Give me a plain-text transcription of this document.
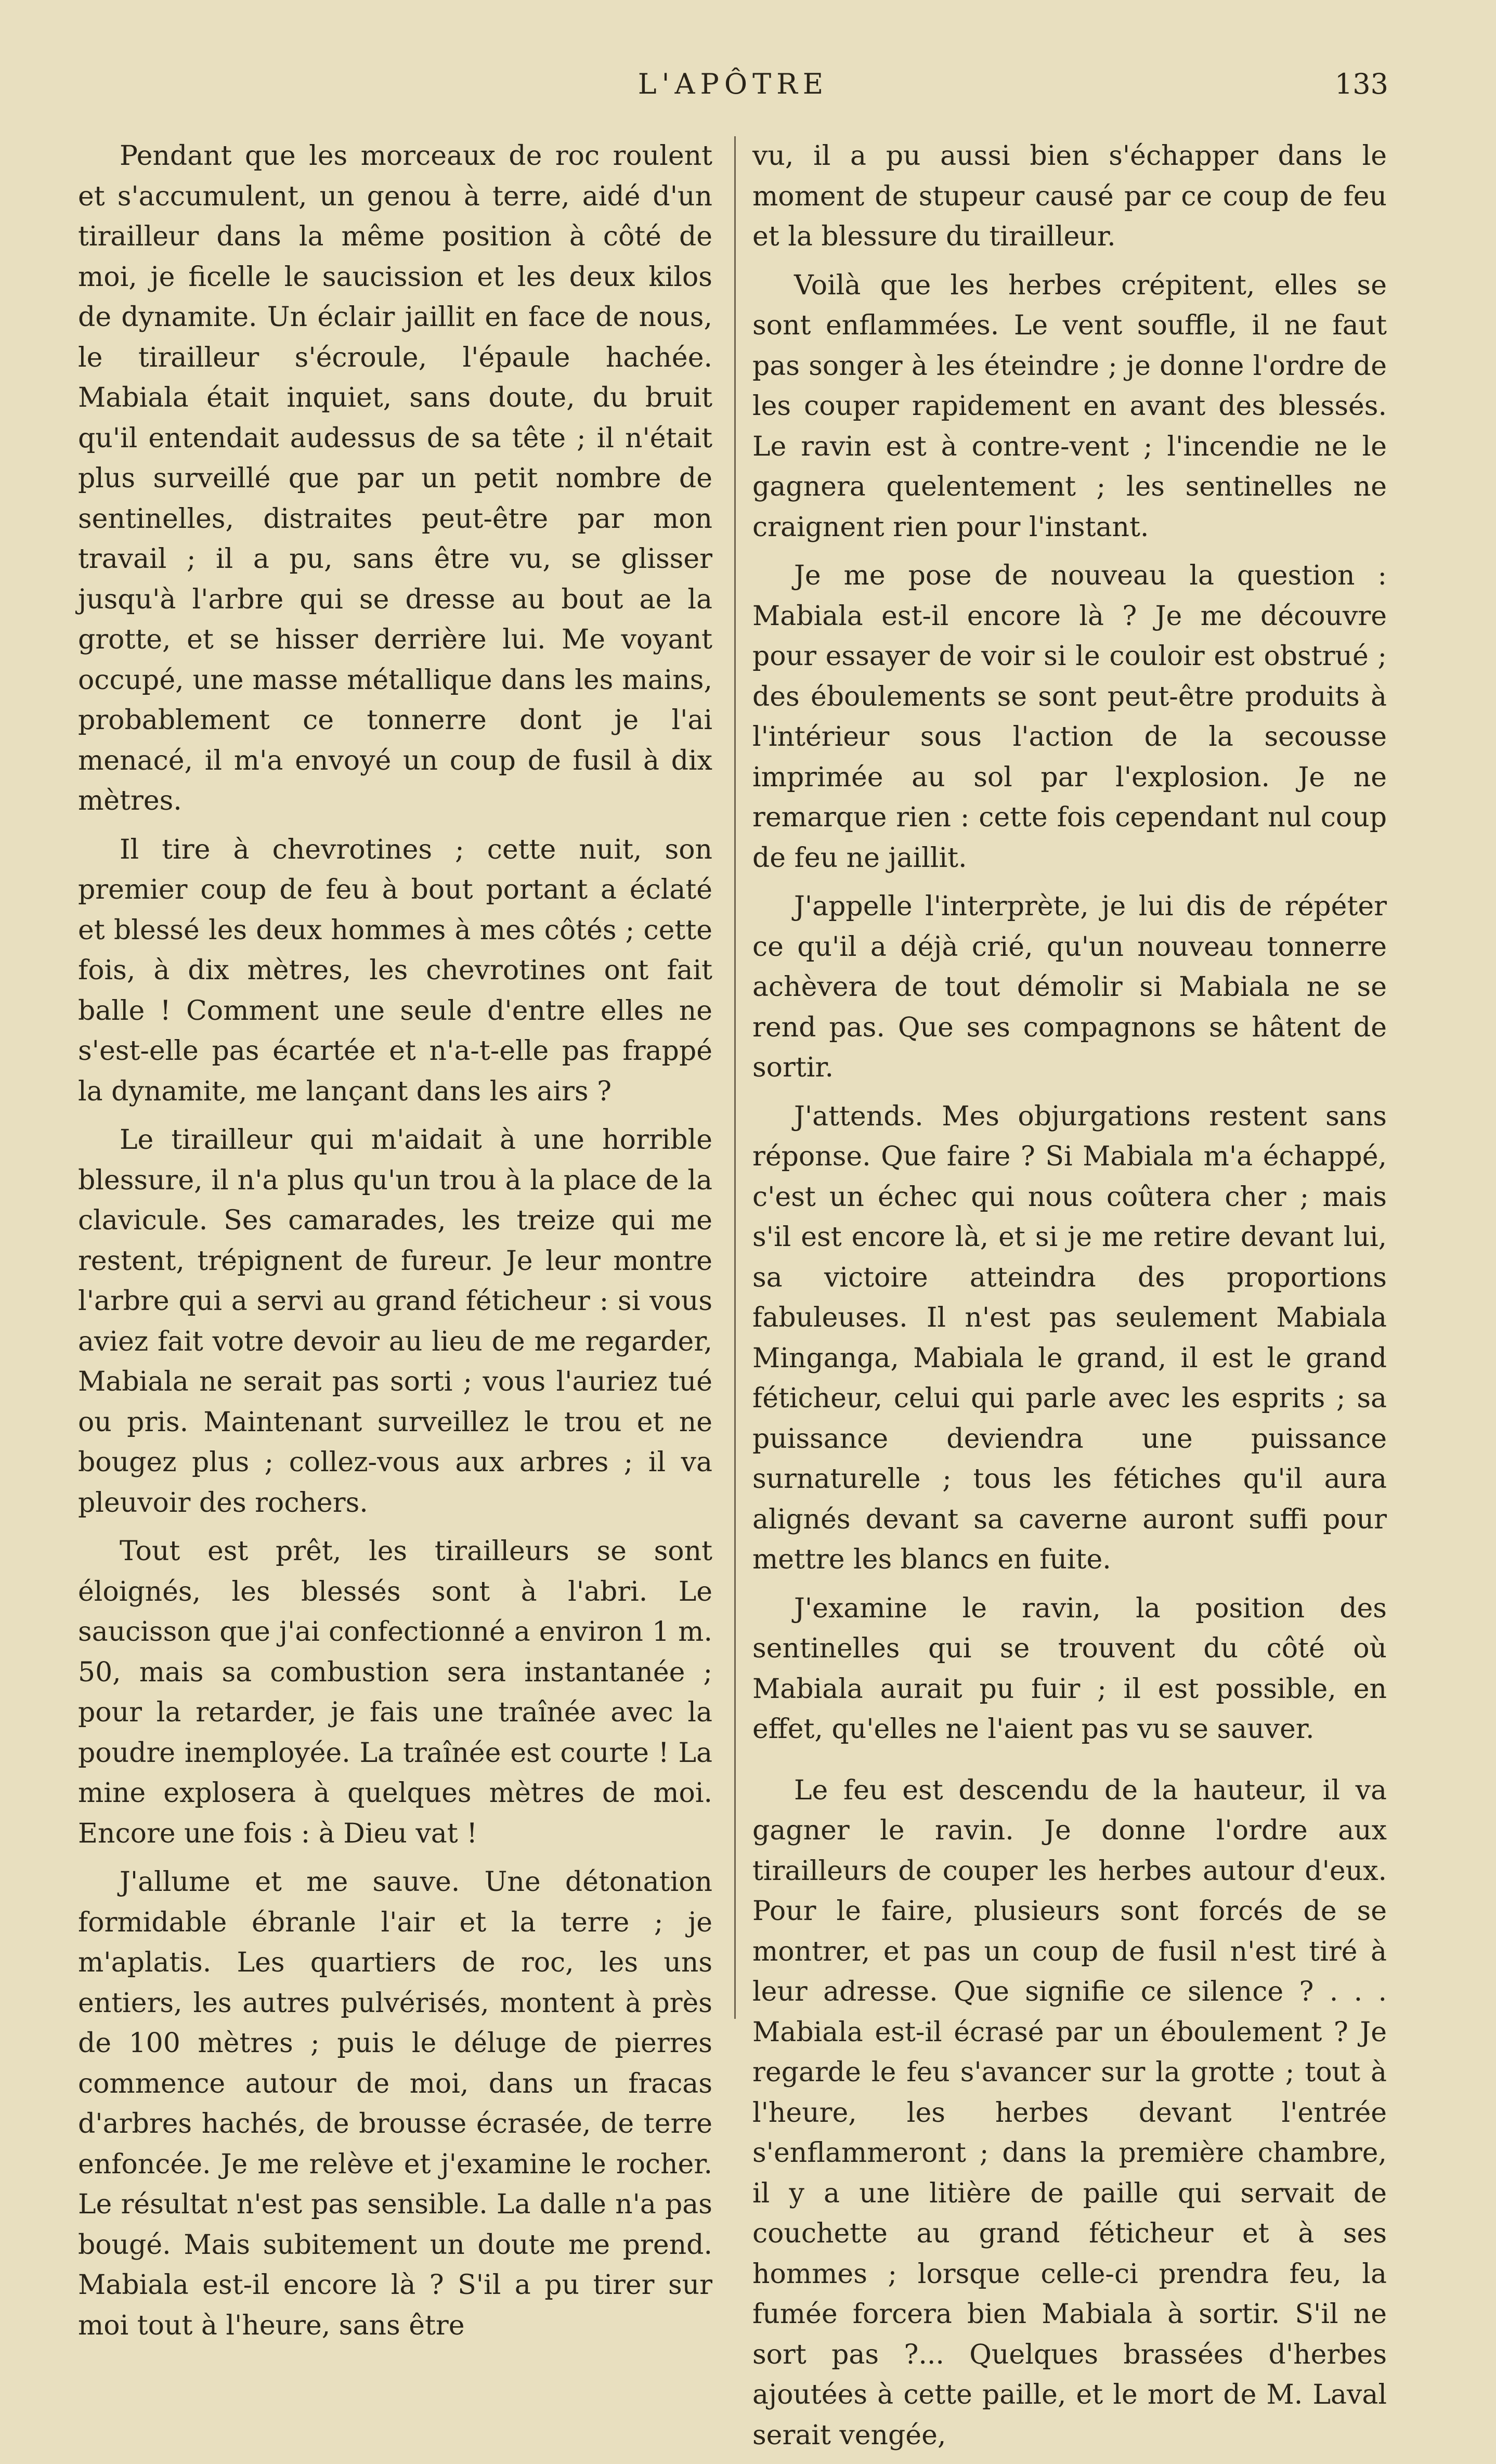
L'APÔTRE	133

Pendant que les morceaux de roc roulent et s'accumulent, un genou à terre, aidé d'un tirailleur dans la même position à côté de moi, je ficelle le saucission et les deux kilos de dynamite. Un éclair jaillit en face de nous, le tirailleur s'écroule, l'épaule hachée. Mabiala était inquiet, sans doute, du bruit qu'il entendait audessus de sa tête ; il n'était plus surveillé que par un petit nombre de sentinelles, distraites peut-être par mon travail ; il a pu, sans être vu, se glisser jusqu'à l'arbre qui se dresse au bout ae la grotte, et se hisser derrière lui. Me voyant occupé, une masse métallique dans les mains, probablement ce tonnerre dont je l'ai menacé, il m'a envoyé un coup de fusil à dix mètres.

Il tire à chevrotines ; cette nuit, son premier coup de feu à bout portant a éclaté et blessé les deux hommes à mes côtés ; cette fois, à dix mètres, les chevrotines ont fait balle ! Comment une seule d'entre elles ne s'est-elle pas écartée et n'a-t-elle pas frappé la dynamite, me lançant dans les airs ?

Le tirailleur qui m'aidait à une horrible blessure, il n'a plus qu'un trou à la place de la clavicule. Ses camarades, les treize qui me restent, trépignent de fureur. Je leur montre l'arbre qui a servi au grand féticheur : si vous aviez fait votre devoir au lieu de me regarder, Mabiala ne serait pas sorti ; vous l'auriez tué ou pris. Maintenant surveillez le trou et ne bougez plus ; collez-vous aux arbres ; il va pleuvoir des rochers.

Tout est prêt, les tirailleurs se sont éloignés, les blessés sont à l'abri. Le saucisson que j'ai confectionné a environ 1 m. 50, mais sa combustion sera instantanée ; pour la retarder, je fais une traînée avec la poudre inemployée. La traînée est courte ! La mine explosera à quelques mètres de moi. Encore une fois : à Dieu vat !

J'allume et me sauve. Une détonation formidable ébranle l'air et la terre ; je m'aplatis. Les quartiers de roc, les uns entiers, les autres pulvérisés, montent à près de 100 mètres ; puis le déluge de pierres commence autour de moi, dans un fracas d'arbres hachés, de brousse écrasée, de terre enfoncée. Je me relève et j'examine le rocher. Le résultat n'est pas sensible. La dalle n'a pas bougé. Mais subitement un doute me prend. Mabiala est-il encore là ? S'il a pu tirer sur moi tout à l'heure, sans être

vu, il a pu aussi bien s'échapper dans le moment de stupeur causé par ce coup de feu et la blessure du tirailleur.

Voilà que les herbes crépitent, elles se sont enflammées. Le vent souffle, il ne faut pas songer à les éteindre ; je donne l'ordre de les couper rapidement en avant des blessés. Le ravin est à contre-vent ; l'incendie ne le gagnera quelentement ; les sentinelles ne craignent rien pour l'instant.

Je me pose de nouveau la question : Mabiala est-il encore là ? Je me découvre pour essayer de voir si le couloir est obstrué ; des éboulements se sont peut-être produits à l'intérieur sous l'action de la secousse imprimée au sol par l'explosion. Je ne remarque rien : cette fois cependant nul coup de feu ne jaillit.

J'appelle l'interprète, je lui dis de répéter ce qu'il a déjà crié, qu'un nouveau tonnerre achèvera de tout démolir si Mabiala ne se rend pas. Que ses compagnons se hâtent de sortir.

J'attends. Mes objurgations restent sans réponse. Que faire ? Si Mabiala m'a échappé, c'est un échec qui nous coûtera cher ; mais s'il est encore là, et si je me retire devant lui, sa victoire atteindra des proportions fabuleuses. Il n'est pas seulement Mabiala Minganga, Mabiala le grand, il est le grand féticheur, celui qui parle avec les esprits ; sa puissance deviendra une puissance surnaturelle ; tous les fétiches qu'il aura alignés devant sa caverne auront suffi pour mettre les blancs en fuite.

J'examine le ravin, la position des sentinelles qui se trouvent du côté où Mabiala aurait pu fuir ; il est possible, en effet, qu'elles ne l'aient pas vu se sauver.

Le feu est descendu de la hauteur, il va gagner le ravin. Je donne l'ordre aux tirailleurs de couper les herbes autour d'eux. Pour le faire, plusieurs sont forcés de se montrer, et pas un coup de fusil n'est tiré à leur adresse. Que signifie ce silence ? . . . Mabiala est-il écrasé par un éboulement ? Je regarde le feu s'avancer sur la grotte ; tout à l'heure, les herbes devant l'entrée s'enflammeront ; dans la première chambre, il y a une litière de paille qui servait de couchette au grand féticheur et à ses hommes ; lorsque celle-ci prendra feu, la fumée forcera bien Mabiala à sortir. S'il ne sort pas ?... Quelques brassées d'herbes ajoutées à cette paille, et le mort de M. Laval serait vengée,
